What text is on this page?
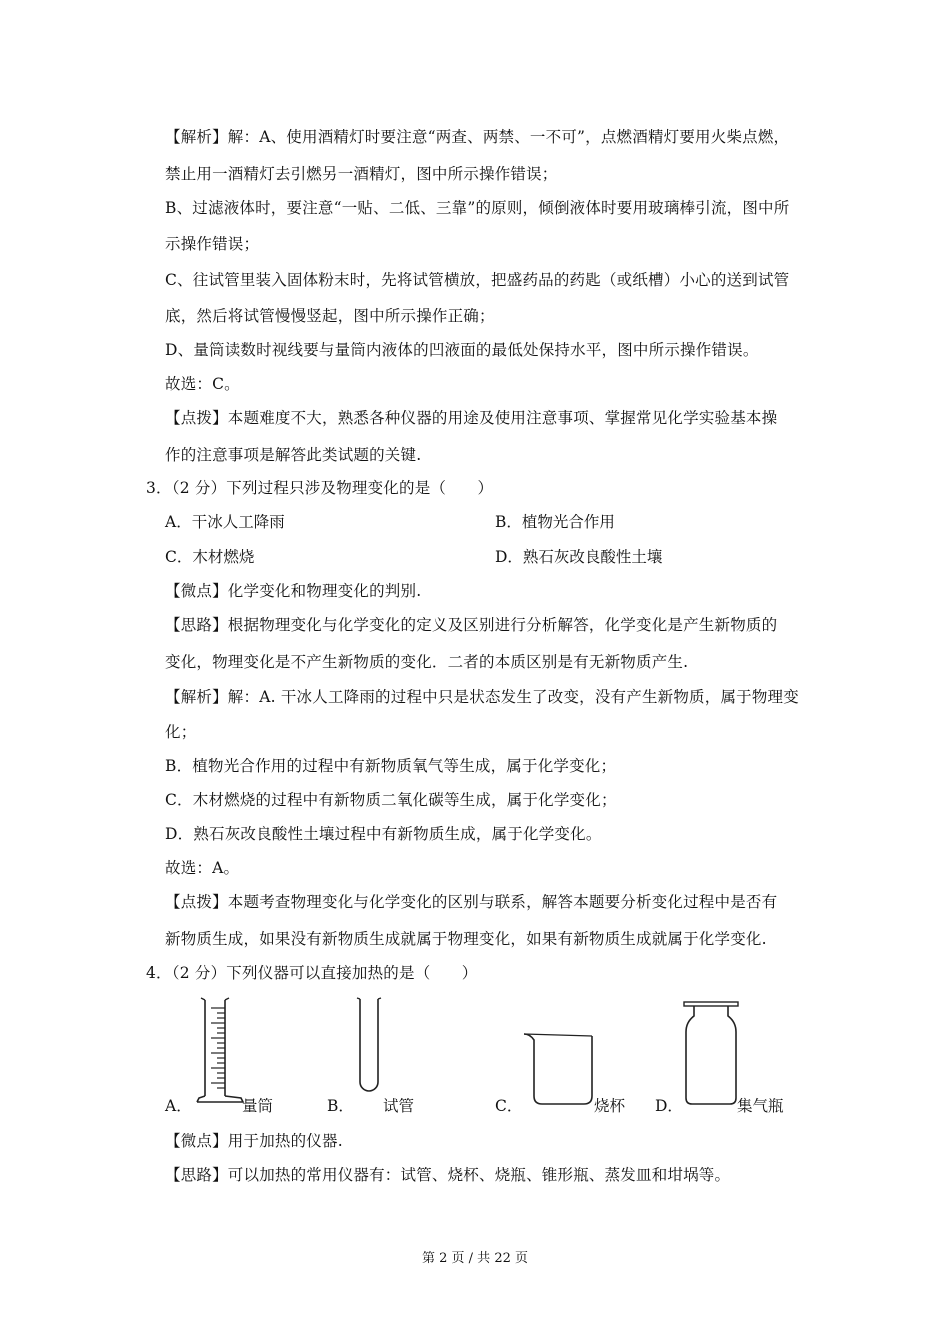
【解析】解：A、使用酒精灯时要注意“两查、两禁、一不可”，点燃酒精灯要用火柴点燃，
禁止用一酒精灯去引燃另一酒精灯，图中所示操作错误；
B、过滤液体时，要注意“一贴、二低、三靠”的原则，倾倒液体时要用玻璃棒引流，图中所
示操作错误；
C、往试管里装入固体粉末时，先将试管横放，把盛药品的药匙（或纸槽）小心的送到试管
底，然后将试管慢慢竖起，图中所示操作正确；
D、量筒读数时视线要与量筒内液体的凹液面的最低处保持水平，图中所示操作错误。
故选：C。
【点拨】本题难度不大，熟悉各种仪器的用途及使用注意事项、掌握常见化学实验基本操
作的注意事项是解答此类试题的关键.
3．（2 分）下列过程只涉及物理变化的是（　　）
A．干冰人工降雨	B．植物光合作用
C．木材燃烧	D．熟石灰改良酸性土壤
【微点】化学变化和物理变化的判别.
【思路】根据物理变化与化学变化的定义及区别进行分析解答，化学变化是产生新物质的
变化，物理变化是不产生新物质的变化．二者的本质区别是有无新物质产生.
【解析】解：A. 干冰人工降雨的过程中只是状态发生了改变，没有产生新物质，属于物理变
化；
B．植物光合作用的过程中有新物质氧气等生成，属于化学变化；
C．木材燃烧的过程中有新物质二氧化碳等生成，属于化学变化；
D．熟石灰改良酸性土壤过程中有新物质生成，属于化学变化。
故选：A。
【点拨】本题考查物理变化与化学变化的区别与联系，解答本题要分析变化过程中是否有
新物质生成，如果没有新物质生成就属于物理变化，如果有新物质生成就属于化学变化.
4．（2 分）下列仪器可以直接加热的是（　　）
A．	量筒	B． 试管	C．	烧杯 D．	集气瓶
【微点】用于加热的仪器.
【思路】可以加热的常用仪器有：试管、烧杯、烧瓶、锥形瓶、蒸发皿和坩埚等。
第 2 页 / 共 22 页
